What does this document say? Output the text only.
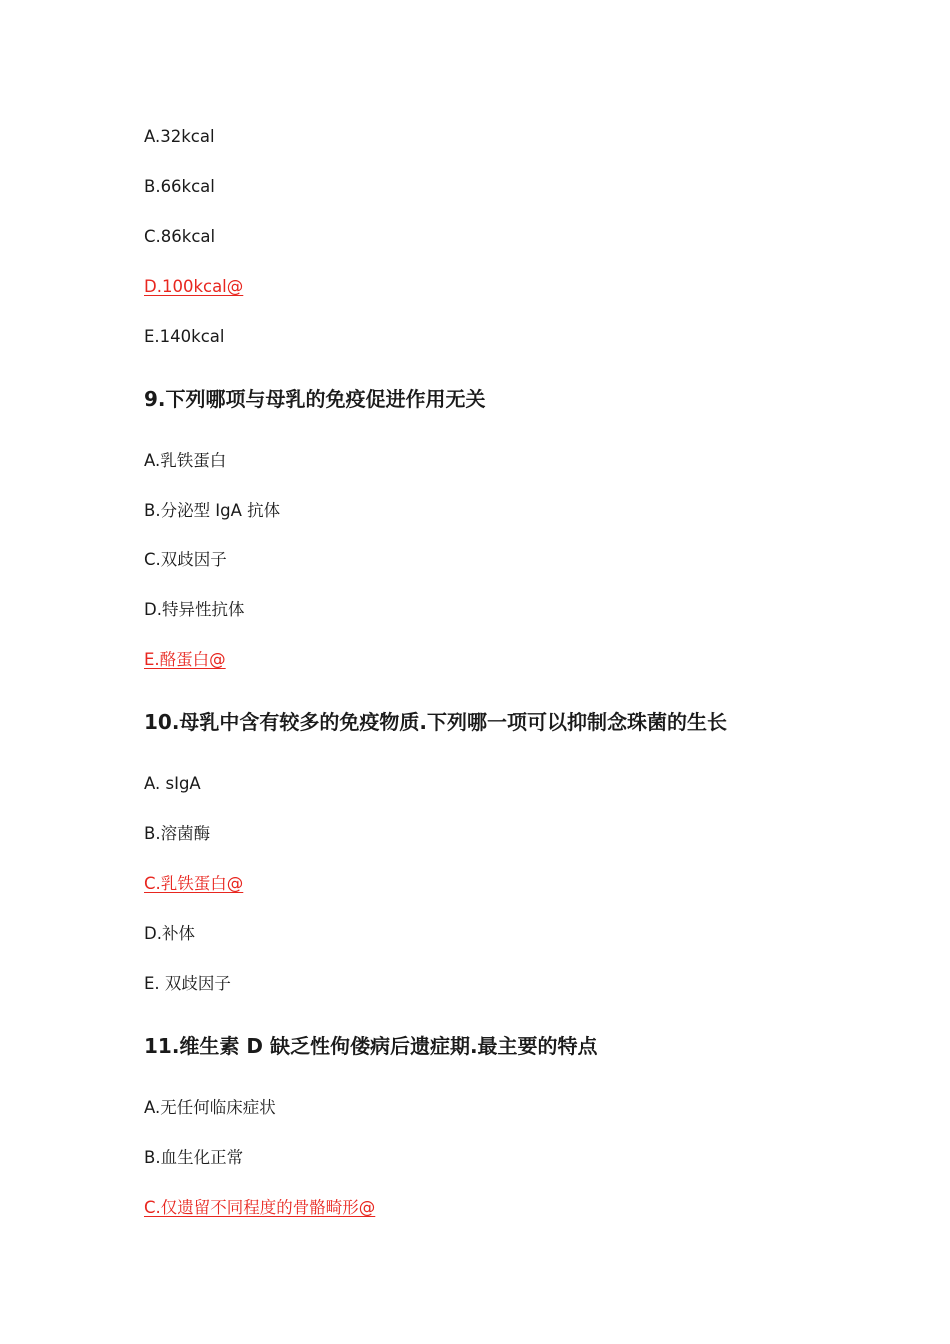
A.32kcal
B.66kcal
C.86kcal
D.100kcal@
E.140kcal
9.下列哪项与母乳的免疫促进作用无关
A.乳铁蛋白
B.分泌型 IgA 抗体
C.双歧因子
D.特异性抗体
E.酪蛋白@
10.母乳中含有较多的免疫物质.下列哪一项可以抑制念珠菌的生长
A. sIgA
B.溶菌酶
C.乳铁蛋白@
D.补体
E. 双歧因子
11.维生素 D 缺乏性佝偻病后遗症期.最主要的特点
A.无任何临床症状
B.血生化正常
C.仅遗留不同程度的骨骼畸形@
